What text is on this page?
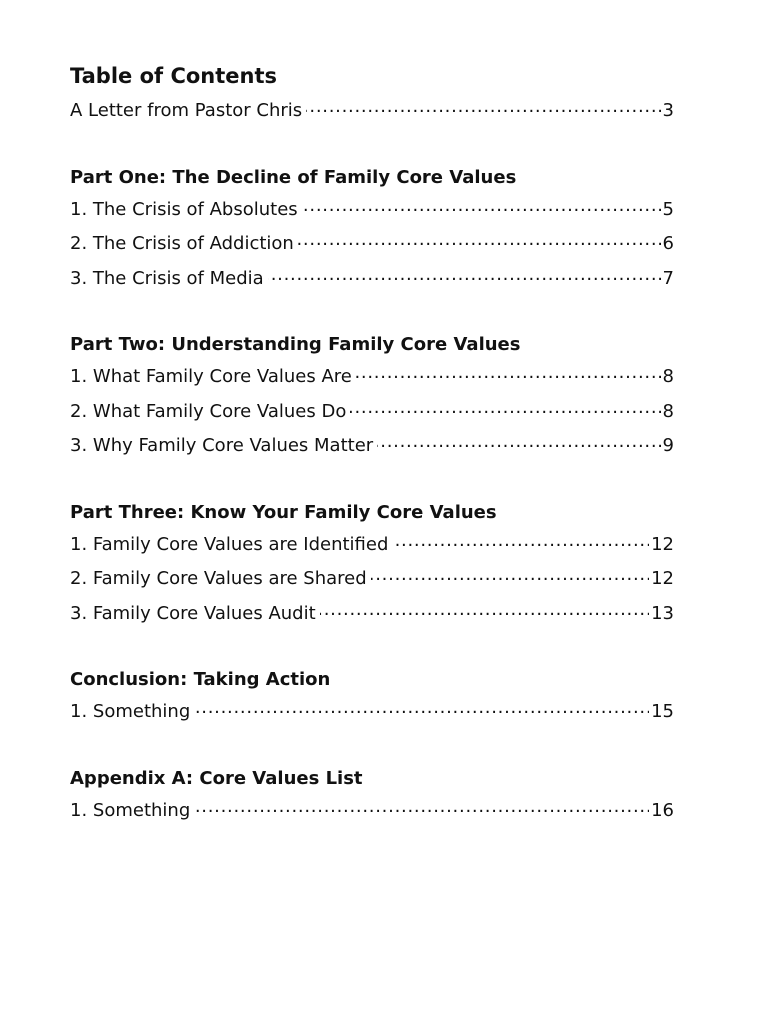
Table of Contents
A Letter from Pastor Chris . . .	3
Part One: The Decline of Family Core Values
1. The Crisis of Absolutes . . .	5
2. The Crisis of Addiction . . .	6
3. The Crisis of Media . . .	7
Part Two: Understanding Family Core Values
1. What Family Core Values Are . . .	8
2. What Family Core Values Do . . .	8
3. Why Family Core Values Matter . . .	9
Part Three: Know Your Family Core Values
1. Family Core Values are Identified . . .	12
2. Family Core Values are Shared . . .	12
3. Family Core Values Audit . . .	13
Conclusion: Taking Action
1. Something . . .	15
Appendix A: Core Values List
1. Something . . .	16
